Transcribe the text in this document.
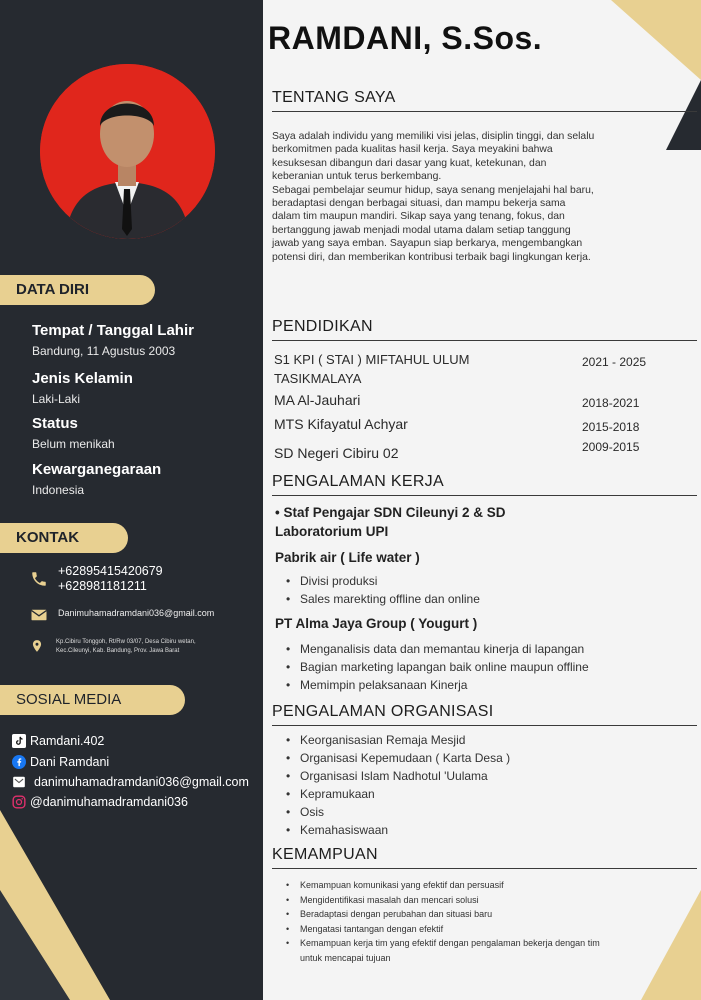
DATA DIRI
Tempat / Tanggal Lahir
Bandung, 11 Agustus 2003
Jenis Kelamin
Laki-Laki
Status
Belum menikah
Kewarganegaraan
Indonesia
KONTAK
+62895415420679
+628981181211
Danimuhamadramdani036@gmail.com
Kp.Cibiru Tonggoh, Rt/Rw 03/07, Desa Cibiru wetan,
Kec.Cileunyi, Kab. Bandung, Prov. Jawa Barat
SOSIAL MEDIA
Ramdani.402
Dani Ramdani
danimuhamadramdani036@gmail.com
@danimuhamadramdani036
RAMDANI, S.Sos.
TENTANG SAYA
Saya adalah individu yang memiliki visi jelas, disiplin tinggi, dan selalu
berkomitmen pada kualitas hasil kerja. Saya meyakini bahwa
kesuksesan dibangun dari dasar yang kuat, ketekunan, dan
keberanian untuk terus berkembang.
Sebagai pembelajar seumur hidup, saya senang menjelajahi hal baru,
beradaptasi dengan berbagai situasi, dan mampu bekerja sama
dalam tim maupun mandiri. Sikap saya yang tenang, fokus, dan
bertanggung jawab menjadi modal utama dalam setiap tanggung
jawab yang saya emban. Sayapun siap berkarya, mengembangkan
potensi diri, dan memberikan kontribusi terbaik bagi lingkungan kerja.
PENDIDIKAN
S1 KPI ( STAI ) MIFTAHUL ULUM
TASIKMALAYA
2021 - 2025
MA Al-Jauhari	2018-2021
MTS Kifayatul Achyar	2015-2018
SD Negeri Cibiru 02	2009-2015
PENGALAMAN KERJA
• Staf Pengajar SDN Cileunyi 2 & SD
Laboratorium UPI
Pabrik air ( Life water )
• Divisi produksi
• Sales marekting offline dan online
PT Alma Jaya Group ( Yougurt )
• Menganalisis data dan memantau kinerja di lapangan
• Bagian marketing lapangan baik online maupun offline
• Memimpin pelaksanaan Kinerja
PENGALAMAN ORGANISASI
• Keorganisasian Remaja Mesjid
• Organisasi Kepemudaan ( Karta Desa )
• Organisasi Islam Nadhotul 'Uulama
• Kepramukaan
• Osis
• Kemahasiswaan
KEMAMPUAN
• Kemampuan komunikasi yang efektif dan persuasif
• Mengidentifikasi masalah dan mencari solusi
• Beradaptasi dengan perubahan dan situasi baru
• Mengatasi tantangan dengan efektif
• Kemampuan kerja tim yang efektif dengan pengalaman bekerja dengan tim
untuk mencapai tujuan
